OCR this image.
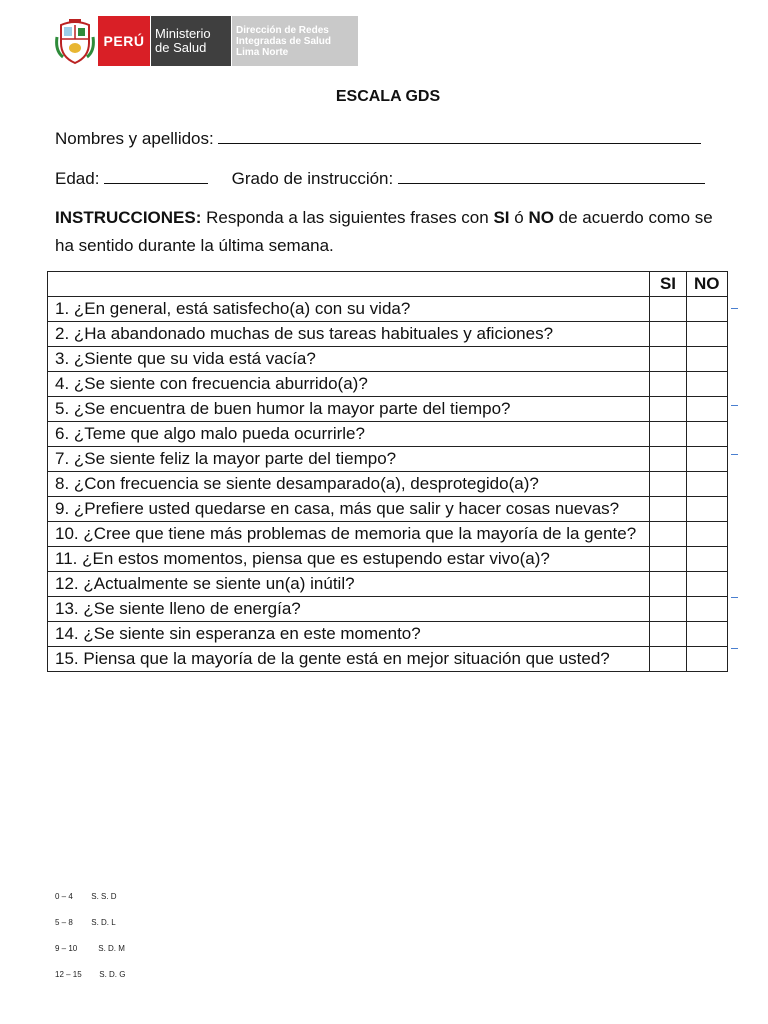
PERÚ Ministerio
de Salud
Dirección de Redes
Integradas de Salud
Lima Norte
ESCALA GDS
Nombres y apellidos:
Edad:	Grado de instrucción:
INSTRUCCIONES: Responda a las siguientes frases con SI ó NO de acuerdo como se ha sentido durante la última semana.
	SI	NO
1. ¿En general, está satisfecho(a) con su vida?		
2. ¿Ha abandonado muchas de sus tareas habituales y aficiones?		
3. ¿Siente que su vida está vacía?		
4. ¿Se siente con frecuencia aburrido(a)?		
5. ¿Se encuentra de buen humor la mayor parte del tiempo?		
6. ¿Teme que algo malo pueda ocurrirle?		
7. ¿Se siente feliz la mayor parte del tiempo?		
8. ¿Con frecuencia se siente desamparado(a), desprotegido(a)?		
9. ¿Prefiere usted quedarse en casa, más que salir y hacer cosas nuevas?		
10. ¿Cree que tiene más problemas de memoria que la mayoría de la gente?		
11. ¿En estos momentos, piensa que es estupendo estar vivo(a)?		
12. ¿Actualmente se siente un(a) inútil?		
13. ¿Se siente lleno de energía?		
14. ¿Se siente sin esperanza en este momento?		
15. Piensa que la mayoría de la gente está en mejor situación que usted?		
0 – 4 S. S. D
5 – 8 S. D. L
9 – 10	S. D. M
12 – 15 S. D. G
